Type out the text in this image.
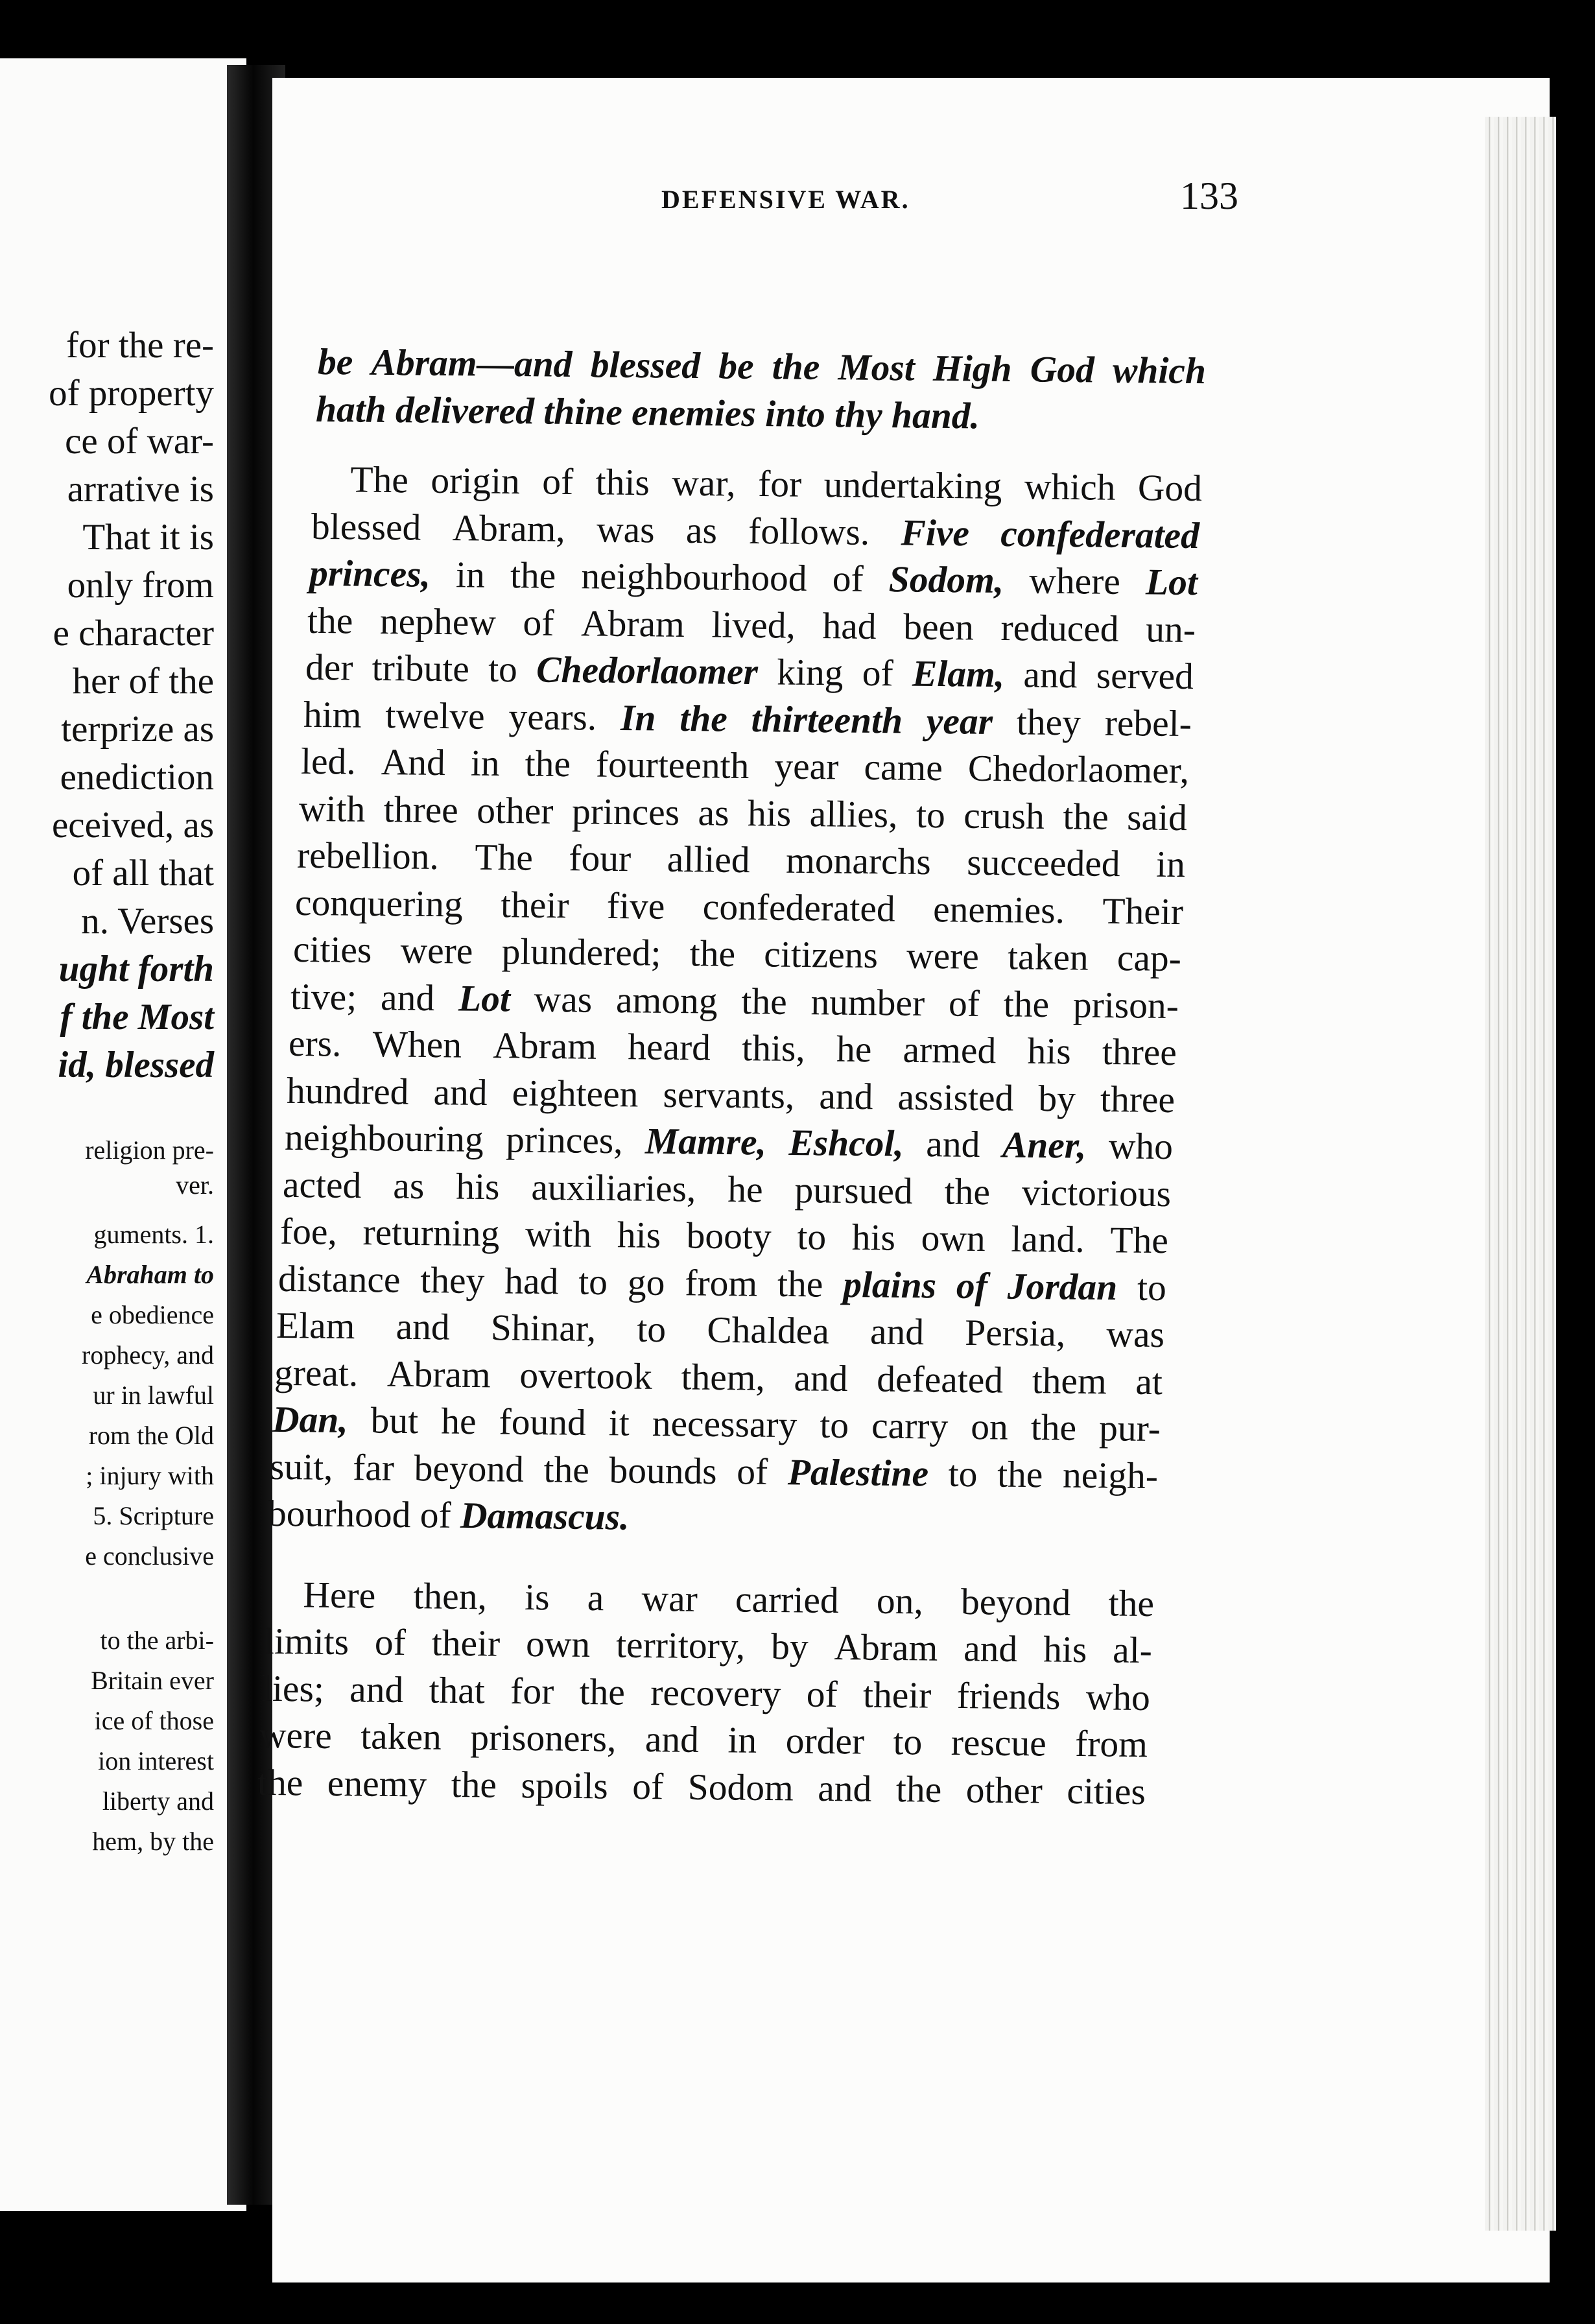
for the re-
of property
ce of war-
arrative is
That it is
only from
e character
her of the
terprize as
enediction
eceived, as
of all that
n. Verses
ught forth
f the Most
id, blessed
religion pre-
ver.
guments. 1.
Abraham to
e obedience
rophecy, and
ur in lawful
rom the Old
; injury with
5. Scripture
e conclusive
to the arbi-
Britain ever
ice of those
ion interest
liberty and
hem, by the
DEFENSIVE WAR.	133
be Abram—and blessed be the Most High God which
hath delivered thine enemies into thy hand.
The origin of this war, for undertaking which God
blessed Abram, was as follows. Five confederated
princes, in the neighbourhood of Sodom, where Lot
the nephew of Abram lived, had been reduced un-
der tribute to Chedorlaomer king of Elam, and served
him twelve years. In the thirteenth year they rebel-
led. And in the fourteenth year came Chedorlaomer,
with three other princes as his allies, to crush the said
rebellion. The four allied monarchs succeeded in
conquering their five confederated enemies. Their
cities were plundered; the citizens were taken cap-
tive; and Lot was among the number of the prison-
ers. When Abram heard this, he armed his three
hundred and eighteen servants, and assisted by three
neighbouring princes, Mamre, Eshcol, and Aner, who
acted as his auxiliaries, he pursued the victorious
foe, returning with his booty to his own land. The
distance they had to go from the plains of Jordan to
Elam and Shinar, to Chaldea and Persia, was
great. Abram overtook them, and defeated them at
Dan, but he found it necessary to carry on the pur-
suit, far beyond the bounds of Palestine to the neigh-
bourhood of Damascus.
Here then, is a war carried on, beyond the
limits of their own territory, by Abram and his al-
lies; and that for the recovery of their friends who
were taken prisoners, and in order to rescue from
the enemy the spoils of Sodom and the other cities
